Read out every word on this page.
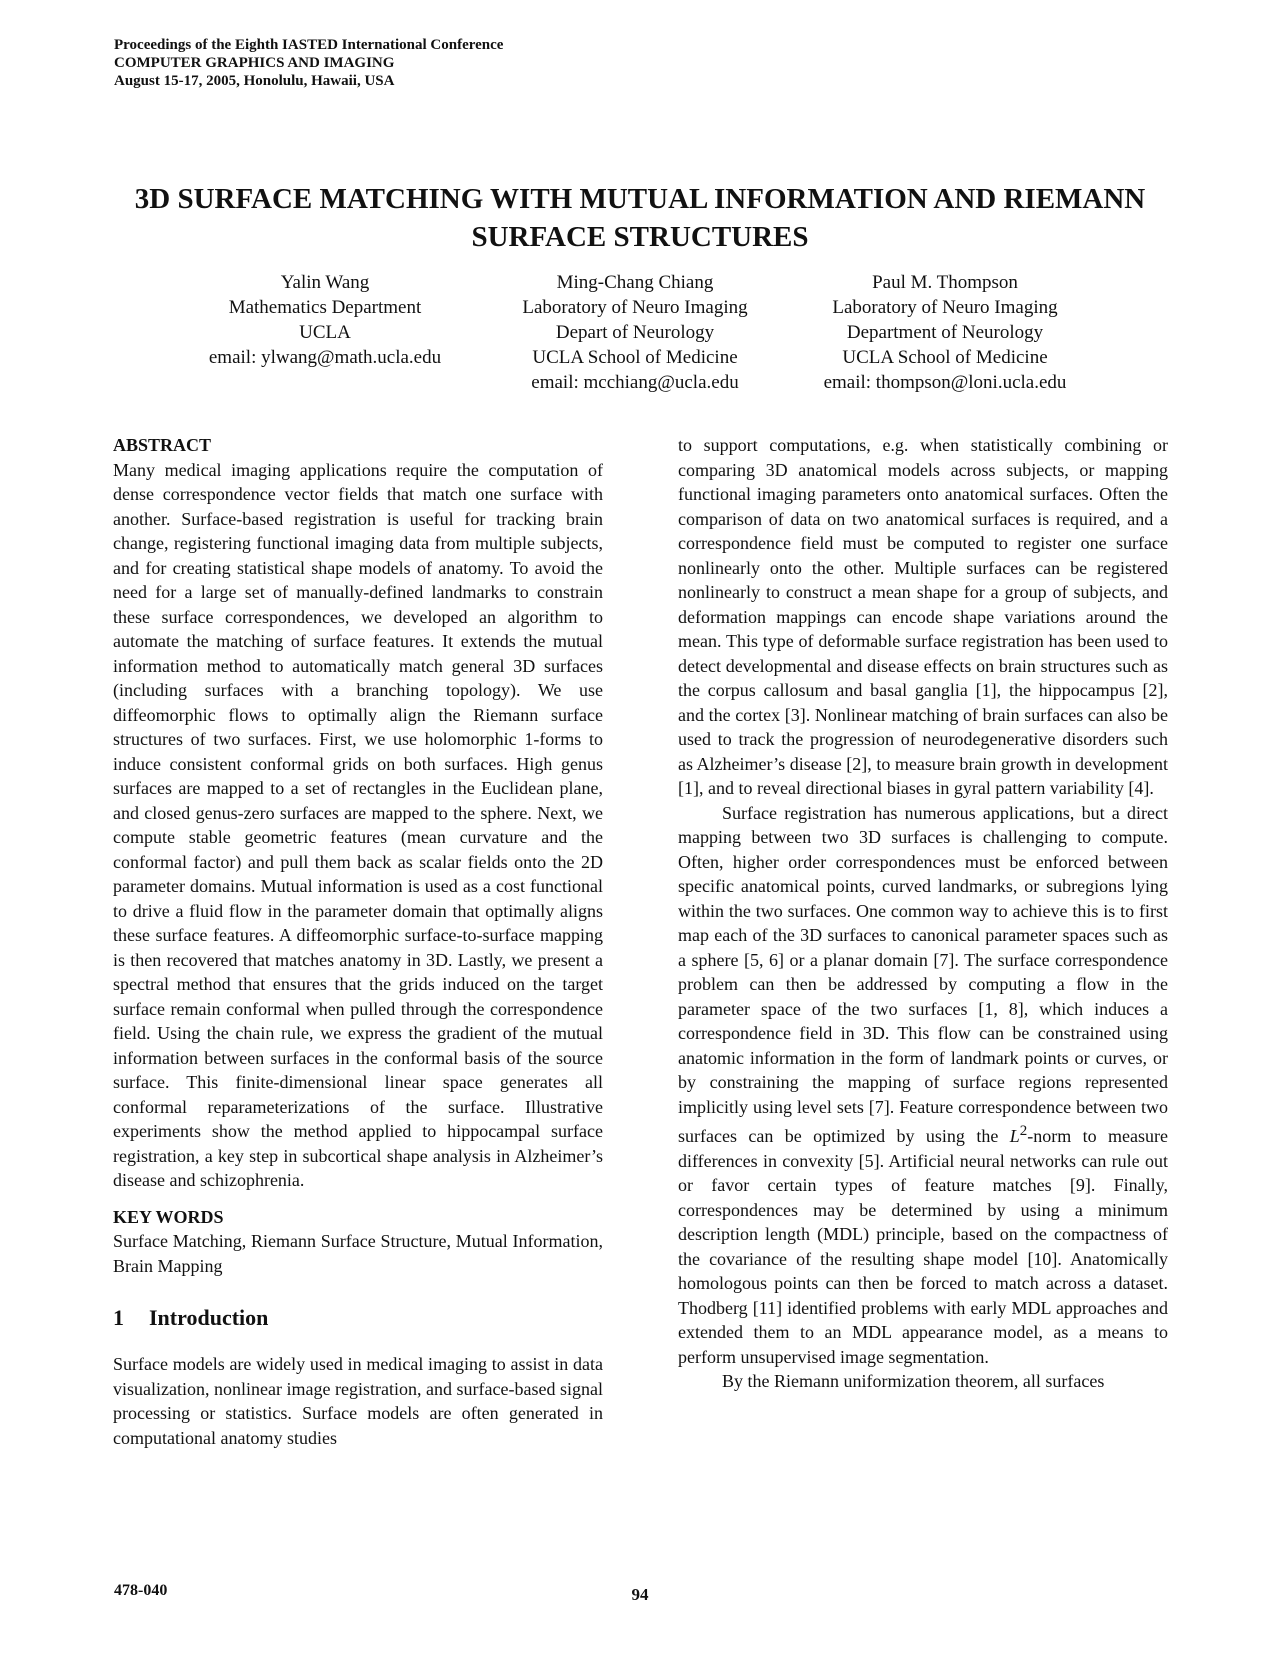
Proceedings of the Eighth IASTED International Conference
COMPUTER GRAPHICS AND IMAGING
August 15-17, 2005, Honolulu, Hawaii, USA
3D SURFACE MATCHING WITH MUTUAL INFORMATION AND RIEMANN
SURFACE STRUCTURES
Yalin Wang
Mathematics Department
UCLA
email: ylwang@math.ucla.edu
Ming-Chang Chiang
Laboratory of Neuro Imaging
Depart of Neurology
UCLA School of Medicine
email: mcchiang@ucla.edu
Paul M. Thompson
Laboratory of Neuro Imaging
Department of Neurology
UCLA School of Medicine
email: thompson@loni.ucla.edu
ABSTRACT

Many medical imaging applications require the computation of dense correspondence vector fields that match one surface with another. Surface-based registration is useful for tracking brain change, registering functional imaging data from multiple subjects, and for creating statistical shape models of anatomy. To avoid the need for a large set of manually-defined landmarks to constrain these surface correspondences, we developed an algorithm to automate the matching of surface features. It extends the mutual information method to automatically match general 3D surfaces (including surfaces with a branching topology). We use diffeomorphic flows to optimally align the Riemann surface structures of two surfaces. First, we use holomorphic 1-forms to induce consistent conformal grids on both surfaces. High genus surfaces are mapped to a set of rectangles in the Euclidean plane, and closed genus-zero surfaces are mapped to the sphere. Next, we compute stable geometric features (mean curvature and the conformal factor) and pull them back as scalar fields onto the 2D parameter domains. Mutual information is used as a cost functional to drive a fluid flow in the parameter domain that optimally aligns these surface features. A diffeomorphic surface-to-surface mapping is then recovered that matches anatomy in 3D. Lastly, we present a spectral method that ensures that the grids induced on the target surface remain conformal when pulled through the correspondence field. Using the chain rule, we express the gradient of the mutual information between surfaces in the conformal basis of the source surface. This finite-dimensional linear space generates all conformal reparameterizations of the surface. Illustrative experiments show the method applied to hippocampal surface registration, a key step in subcortical shape analysis in Alzheimer’s disease and schizophrenia.

KEY WORDS

Surface Matching, Riemann Surface Structure, Mutual Information, Brain Mapping

1 Introduction

Surface models are widely used in medical imaging to assist in data visualization, nonlinear image registration, and surface-based signal processing or statistics. Surface models are often generated in computational anatomy studies

to support computations, e.g. when statistically combining or comparing 3D anatomical models across subjects, or mapping functional imaging parameters onto anatomical surfaces. Often the comparison of data on two anatomical surfaces is required, and a correspondence field must be computed to register one surface nonlinearly onto the other. Multiple surfaces can be registered nonlinearly to construct a mean shape for a group of subjects, and deformation mappings can encode shape variations around the mean. This type of deformable surface registration has been used to detect developmental and disease effects on brain structures such as the corpus callosum and basal ganglia [1], the hippocampus [2], and the cortex [3]. Nonlinear matching of brain surfaces can also be used to track the progression of neurodegenerative disorders such as Alzheimer’s disease [2], to measure brain growth in development [1], and to reveal directional biases in gyral pattern variability [4].

Surface registration has numerous applications, but a direct mapping between two 3D surfaces is challenging to compute. Often, higher order correspondences must be enforced between specific anatomical points, curved landmarks, or subregions lying within the two surfaces. One common way to achieve this is to first map each of the 3D surfaces to canonical parameter spaces such as a sphere [5, 6] or a planar domain [7]. The surface correspondence problem can then be addressed by computing a flow in the parameter space of the two surfaces [1, 8], which induces a correspondence field in 3D. This flow can be constrained using anatomic information in the form of landmark points or curves, or by constraining the mapping of surface regions represented implicitly using level sets [7]. Feature correspondence between two surfaces can be optimized by using the $L^2$-norm to measure differences in convexity [5]. Artificial neural networks can rule out or favor certain types of feature matches [9]. Finally, correspondences may be determined by using a minimum description length (MDL) principle, based on the compactness of the covariance of the resulting shape model [10]. Anatomically homologous points can then be forced to match across a dataset. Thodberg [11] identified problems with early MDL approaches and extended them to an MDL appearance model, as a means to perform unsupervised image segmentation.

By the Riemann uniformization theorem, all surfaces

478-040	94
